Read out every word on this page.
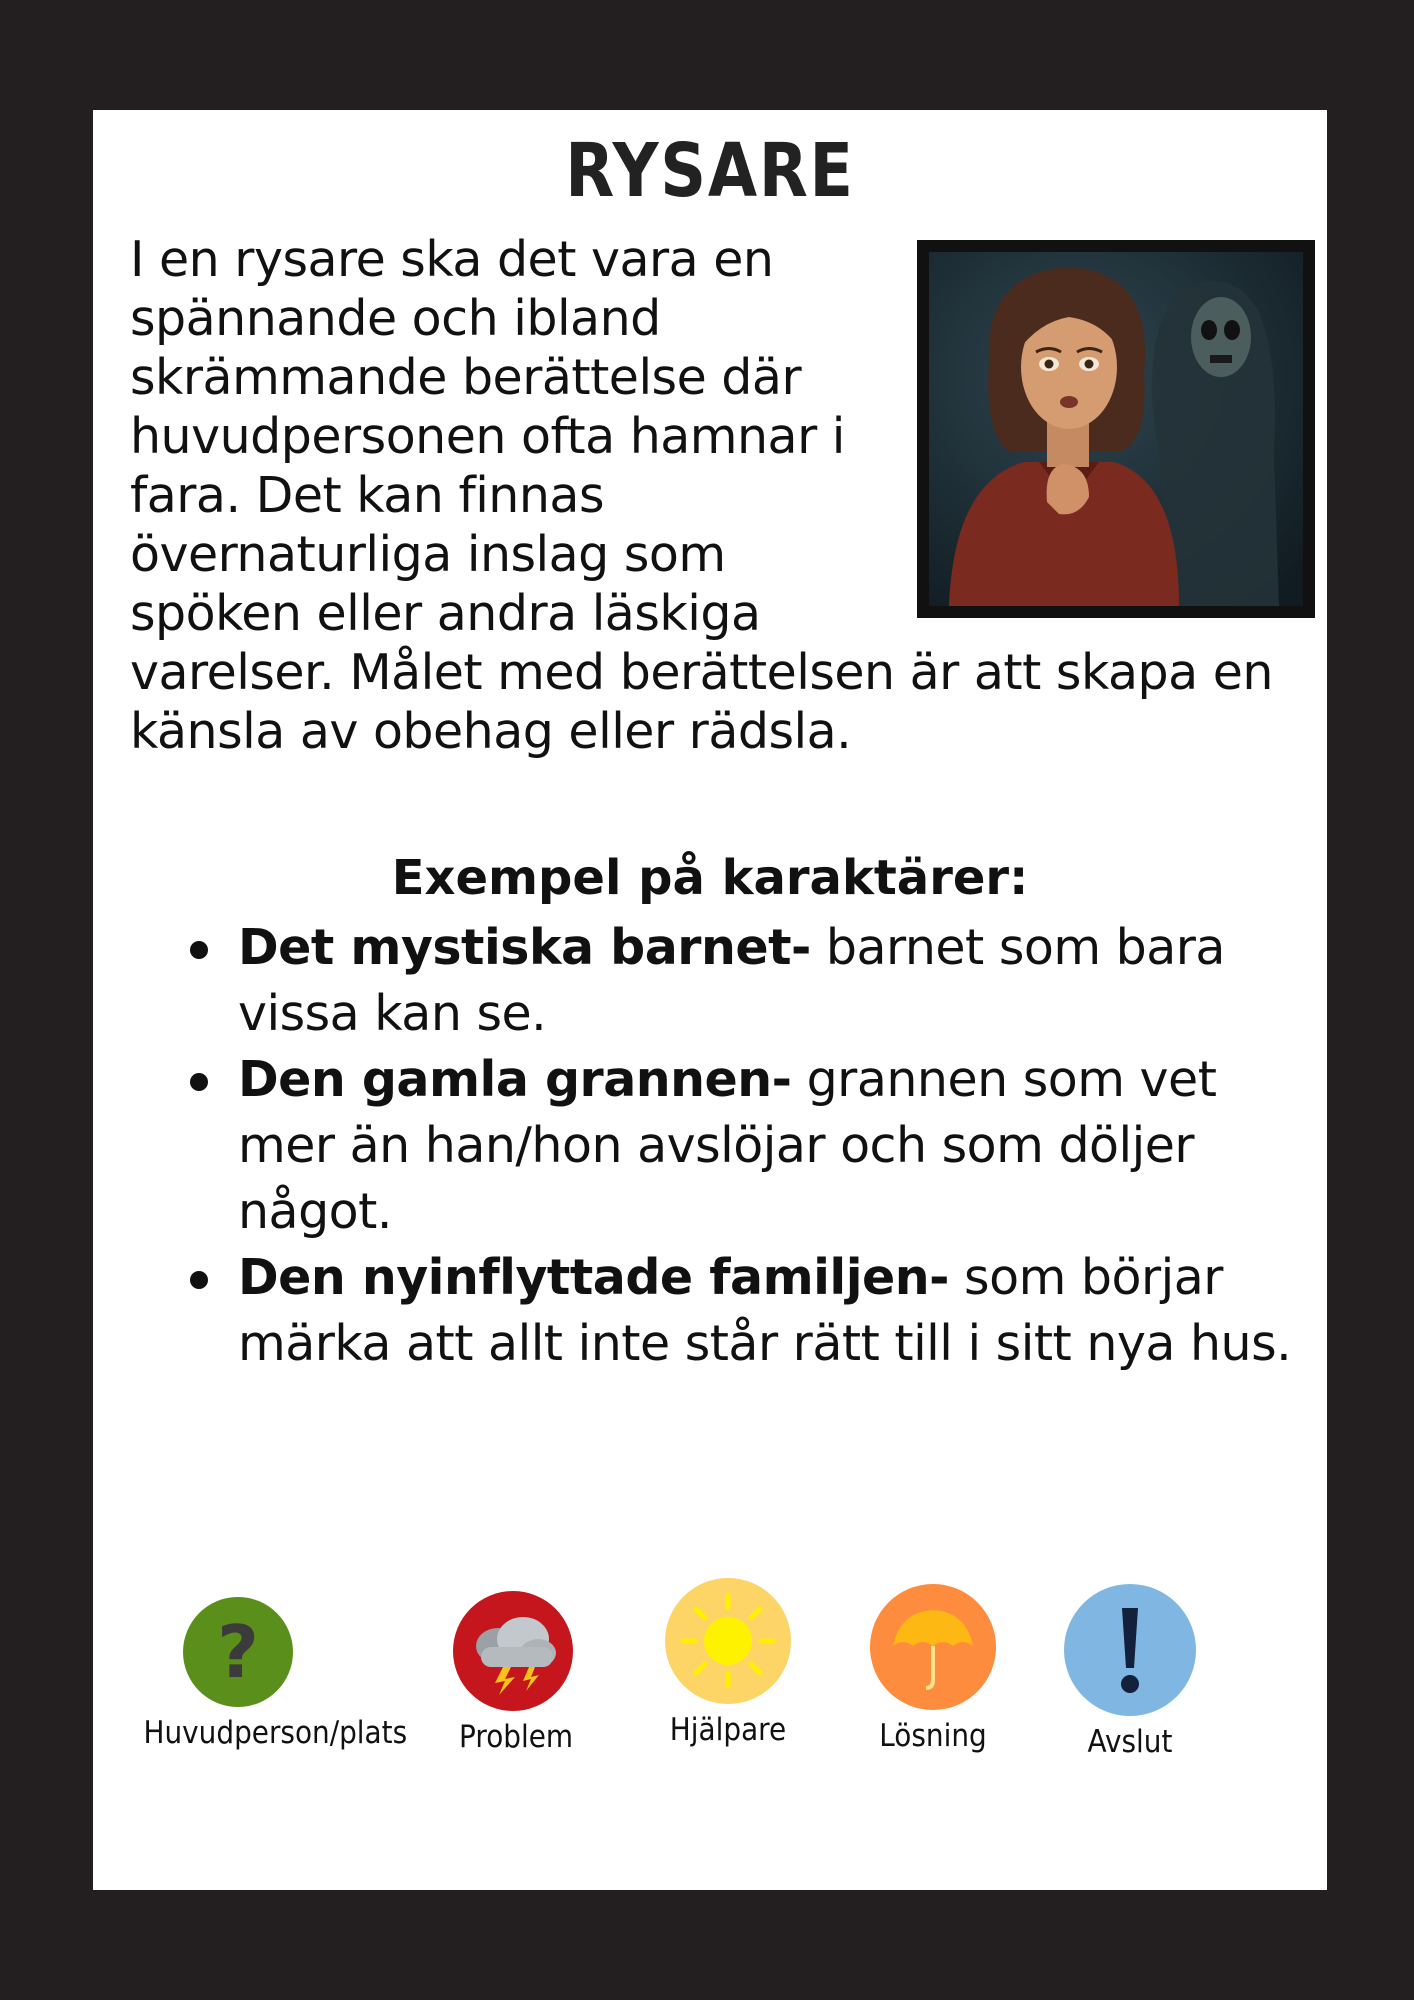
RYSARE

I en rysare ska det vara en spännande och ibland skrämmande berättelse där huvudpersonen ofta hamnar i fara. Det kan finnas övernaturliga inslag som spöken eller andra läskiga varelser. Målet med berättelsen är att skapa en känsla av obehag eller rädsla.

Exempel på karaktärer:
Det mystiska barnet- barnet som bara vissa kan se.
Den gamla grannen- grannen som vet mer än han/hon avslöjar och som döljer något.
Den nyinflyttade familjen- som börjar märka att allt inte står rätt till i sitt nya hus.
?
Huvudperson/plats Problem	Hjälpare	Lösning	Avslut
